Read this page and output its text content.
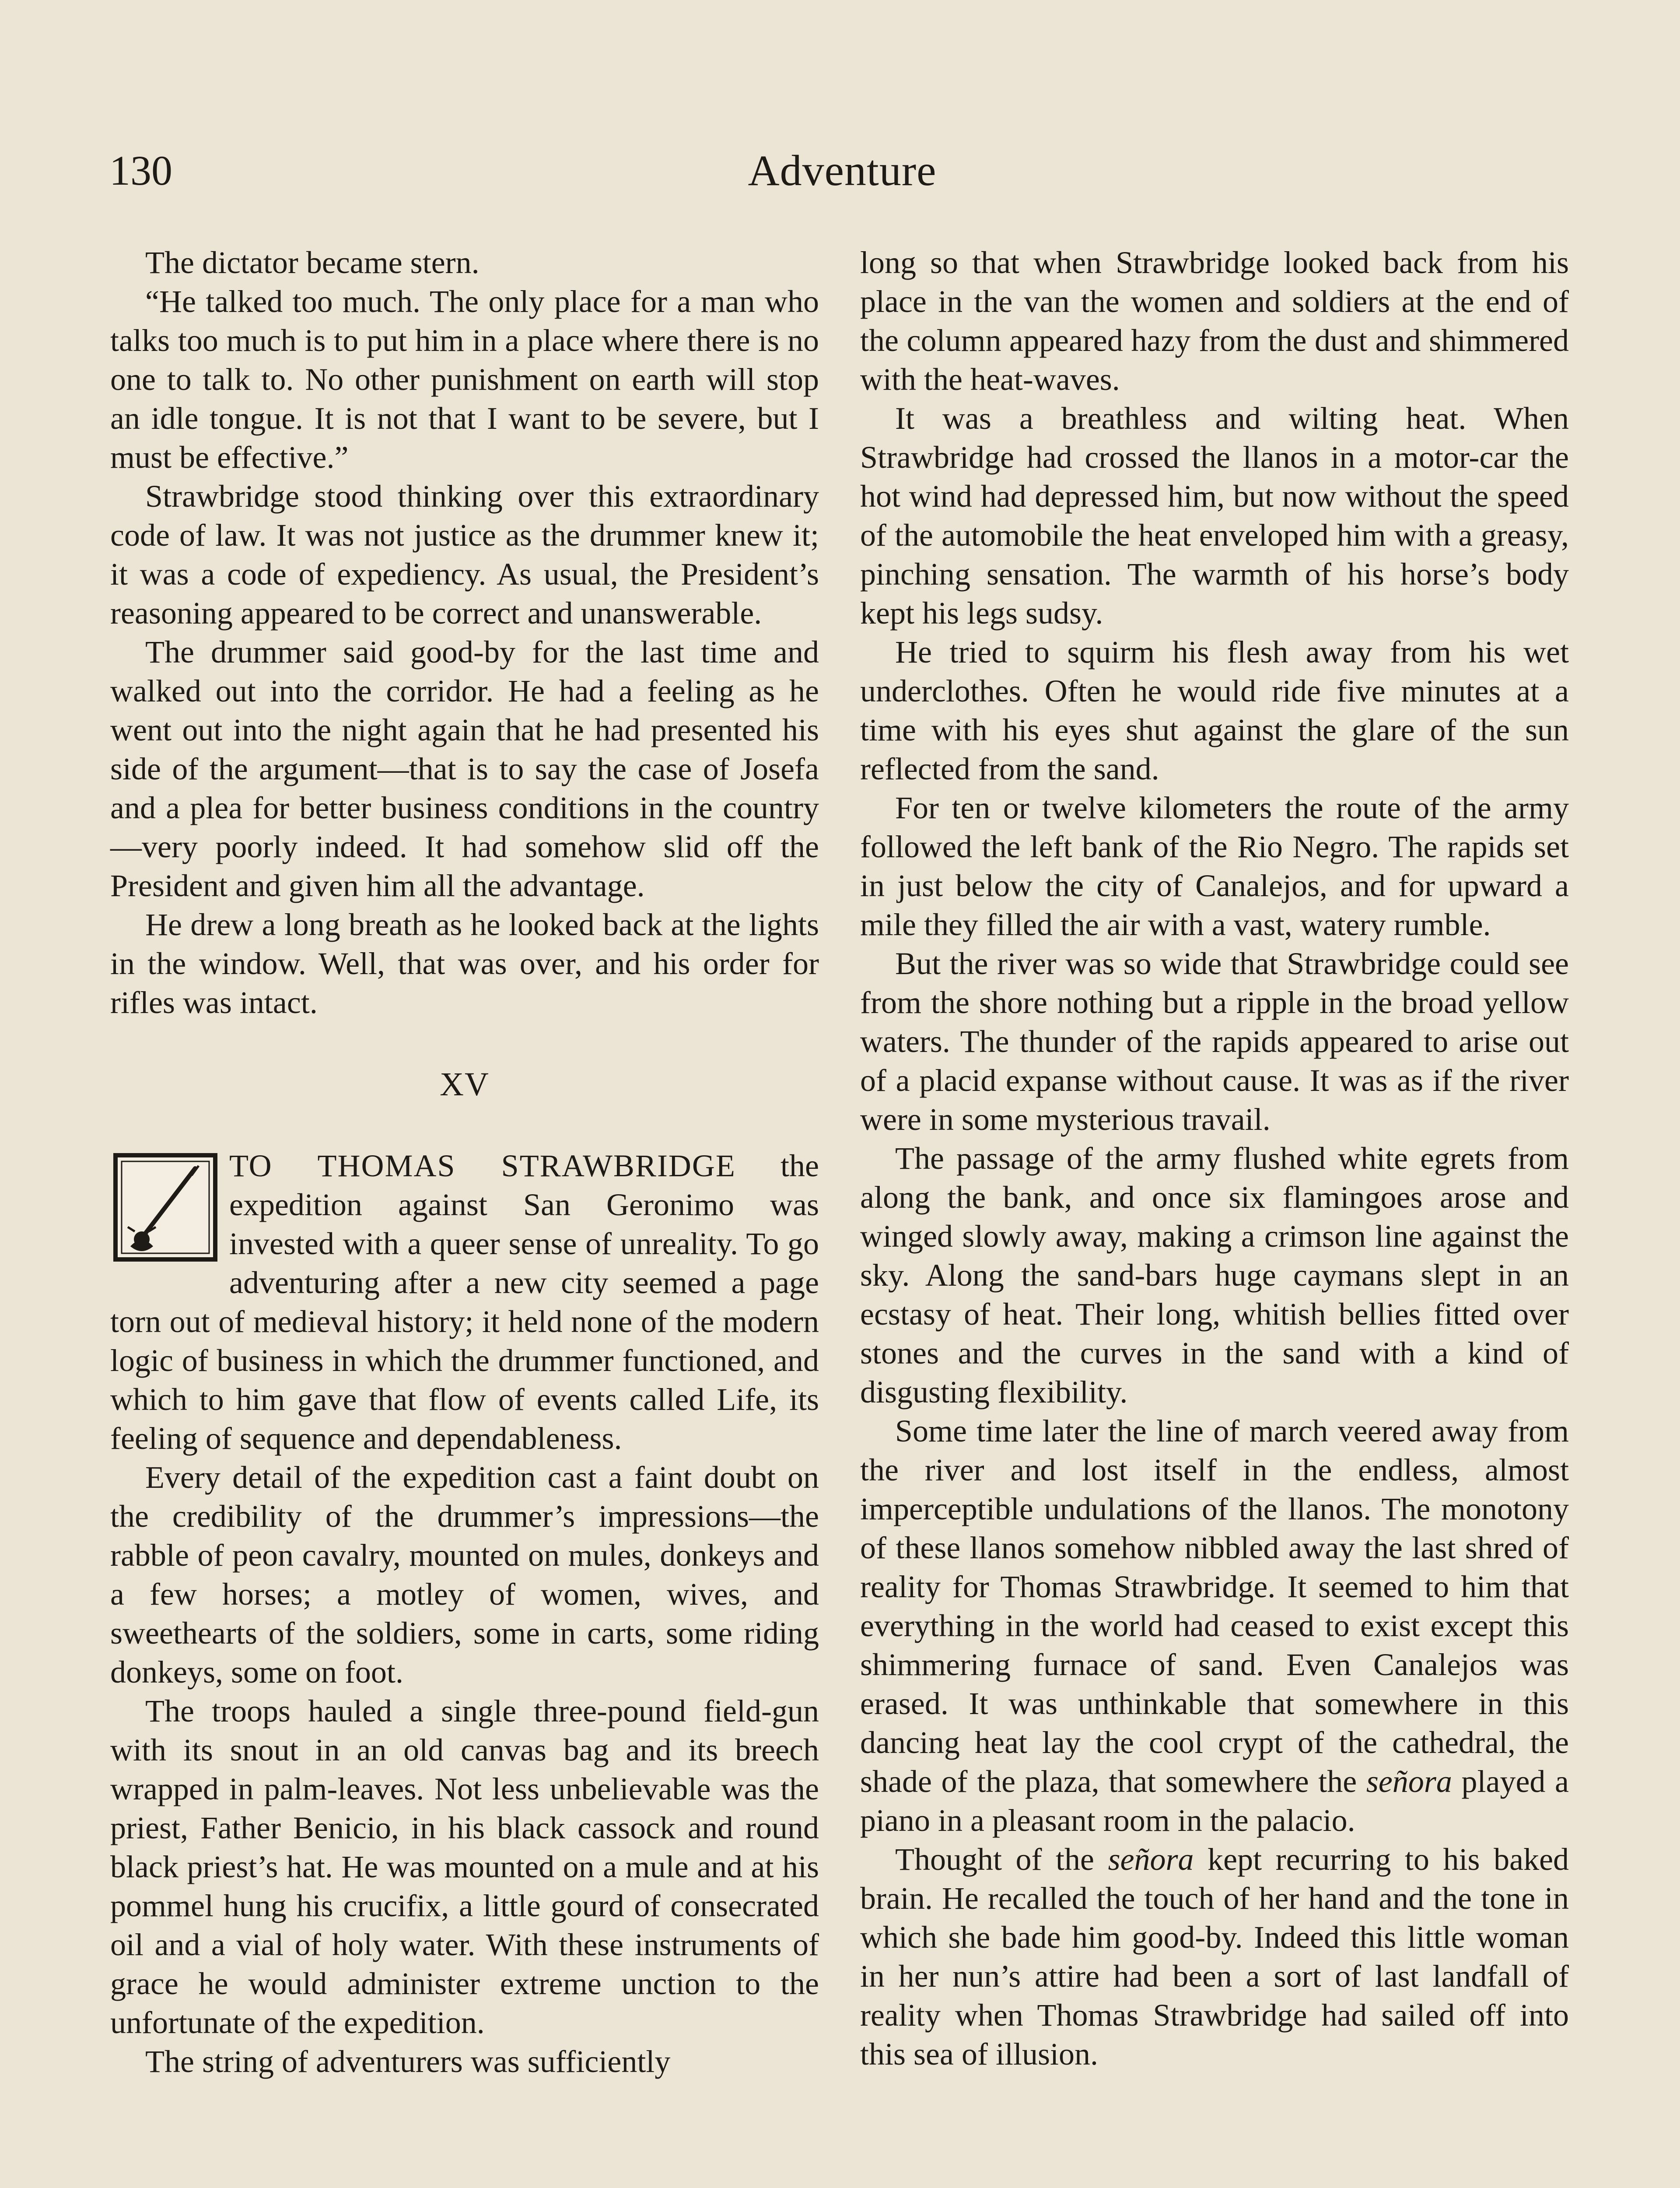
130	Adventure

The dictator became stern.

“He talked too much. The only place for a man who talks too much is to put him in a place where there is no one to talk to. No other punishment on earth will stop an idle tongue. It is not that I want to be severe, but I must be effective.”

Strawbridge stood thinking over this extraordinary code of law. It was not justice as the drummer knew it; it was a code of expediency. As usual, the President’s reasoning appeared to be correct and unanswerable.

The drummer said good-by for the last time and walked out into the corridor. He had a feeling as he went out into the night again that he had presented his side of the argument—that is to say the case of Josefa and a plea for better business conditions in the country—very poorly indeed. It had somehow slid off the President and given him all the advantage.

He drew a long breath as he looked back at the lights in the window. Well, that was over, and his order for rifles was intact.

XV

TO THOMAS STRAWBRIDGE the expedition against San Geronimo was invested with a queer sense of unreality. To go adventuring after a new city seemed a page torn out of medieval history; it held none of the modern logic of business in which the drummer functioned, and which to him gave that flow of events called Life, its feeling of sequence and dependableness.

Every detail of the expedition cast a faint doubt on the credibility of the drummer’s impressions—the rabble of peon cavalry, mounted on mules, donkeys and a few horses; a motley of women, wives, and sweethearts of the soldiers, some in carts, some riding donkeys, some on foot.

The troops hauled a single three-pound field-gun with its snout in an old canvas bag and its breech wrapped in palm-leaves. Not less unbelievable was the priest, Father Benicio, in his black cassock and round black priest’s hat. He was mounted on a mule and at his pommel hung his crucifix, a little gourd of consecrated oil and a vial of holy water. With these instruments of grace he would administer extreme unction to the unfortunate of the expedition.

The string of adventurers was sufficiently

long so that when Strawbridge looked back from his place in the van the women and soldiers at the end of the column appeared hazy from the dust and shimmered with the heat-waves.

It was a breathless and wilting heat. When Strawbridge had crossed the llanos in a motor-car the hot wind had depressed him, but now without the speed of the automobile the heat enveloped him with a greasy, pinching sensation. The warmth of his horse’s body kept his legs sudsy.

He tried to squirm his flesh away from his wet underclothes. Often he would ride five minutes at a time with his eyes shut against the glare of the sun reflected from the sand.

For ten or twelve kilometers the route of the army followed the left bank of the Rio Negro. The rapids set in just below the city of Canalejos, and for upward a mile they filled the air with a vast, watery rumble.

But the river was so wide that Strawbridge could see from the shore nothing but a ripple in the broad yellow waters. The thunder of the rapids appeared to arise out of a placid expanse without cause. It was as if the river were in some mysterious travail.

The passage of the army flushed white egrets from along the bank, and once six flamingoes arose and winged slowly away, making a crimson line against the sky. Along the sand-bars huge caymans slept in an ecstasy of heat. Their long, whitish bellies fitted over stones and the curves in the sand with a kind of disgusting flexibility.

Some time later the line of march veered away from the river and lost itself in the endless, almost imperceptible undulations of the llanos. The monotony of these llanos somehow nibbled away the last shred of reality for Thomas Strawbridge. It seemed to him that everything in the world had ceased to exist except this shimmering furnace of sand. Even Canalejos was erased. It was unthinkable that somewhere in this dancing heat lay the cool crypt of the cathedral, the shade of the plaza, that somewhere the señora played a piano in a pleasant room in the palacio.

Thought of the señora kept recurring to his baked brain. He recalled the touch of her hand and the tone in which she bade him good-by. Indeed this little woman in her nun’s attire had been a sort of last landfall of reality when Thomas Strawbridge had sailed off into this sea of illusion.
